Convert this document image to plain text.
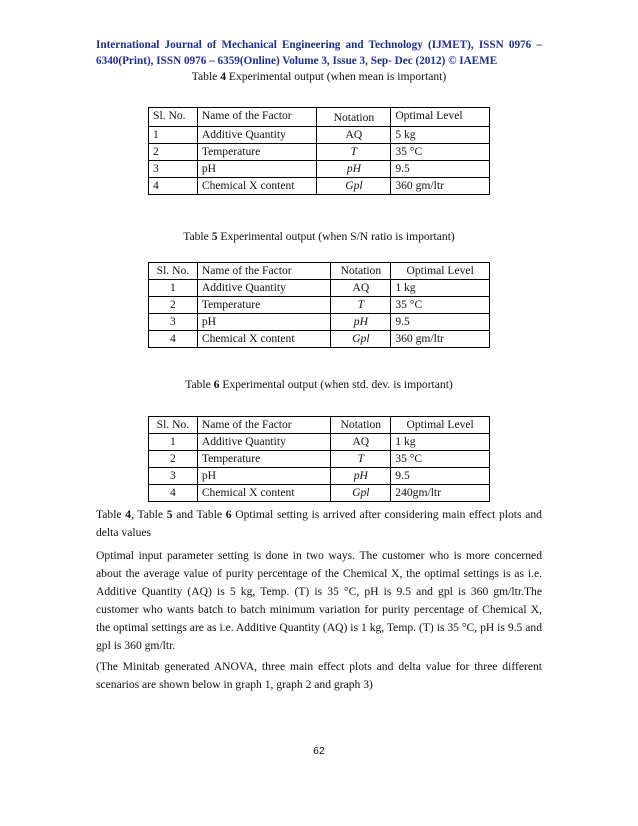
International Journal of Mechanical Engineering and Technology (IJMET), ISSN 0976 – 6340(Print), ISSN 0976 – 6359(Online) Volume 3, Issue 3, Sep- Dec (2012) © IAEME
Table 4 Experimental output (when mean is important)
Sl. No.	Name of the Factor	Notation	Optimal Level
1	Additive Quantity	AQ	5 kg
2	Temperature	T	35 °C
3	pH	pH	9.5
4	Chemical X content	Gpl	360 gm/ltr
Table 5 Experimental output (when S/N ratio is important)
Sl. No.	Name of the Factor	Notation	Optimal Level
1	Additive Quantity	AQ	1 kg
2	Temperature	T	35 °C
3	pH	pH	9.5
4	Chemical X content	Gpl	360 gm/ltr
Table 6 Experimental output (when std. dev. is important)
Sl. No.	Name of the Factor	Notation	Optimal Level
1	Additive Quantity	AQ	1 kg
2	Temperature	T	35 °C
3	pH	pH	9.5
4	Chemical X content	Gpl	240gm/ltr
Table 4, Table 5 and Table 6 Optimal setting is arrived after considering main effect plots and delta values
Optimal input parameter setting is done in two ways. The customer who is more concerned about the average value of purity percentage of the Chemical X, the optimal settings is as i.e. Additive Quantity (AQ) is 5 kg, Temp. (T) is 35 °C, pH is 9.5 and gpl is 360 gm/ltr.The customer who wants batch to batch minimum variation for purity percentage of Chemical X, the optimal settings are as i.e. Additive Quantity (AQ) is 1 kg, Temp. (T) is 35 °C, pH is 9.5 and gpl is 360 gm/ltr.
(The Minitab generated ANOVA, three main effect plots and delta value for three different scenarios are shown below in graph 1, graph 2 and graph 3)
62
